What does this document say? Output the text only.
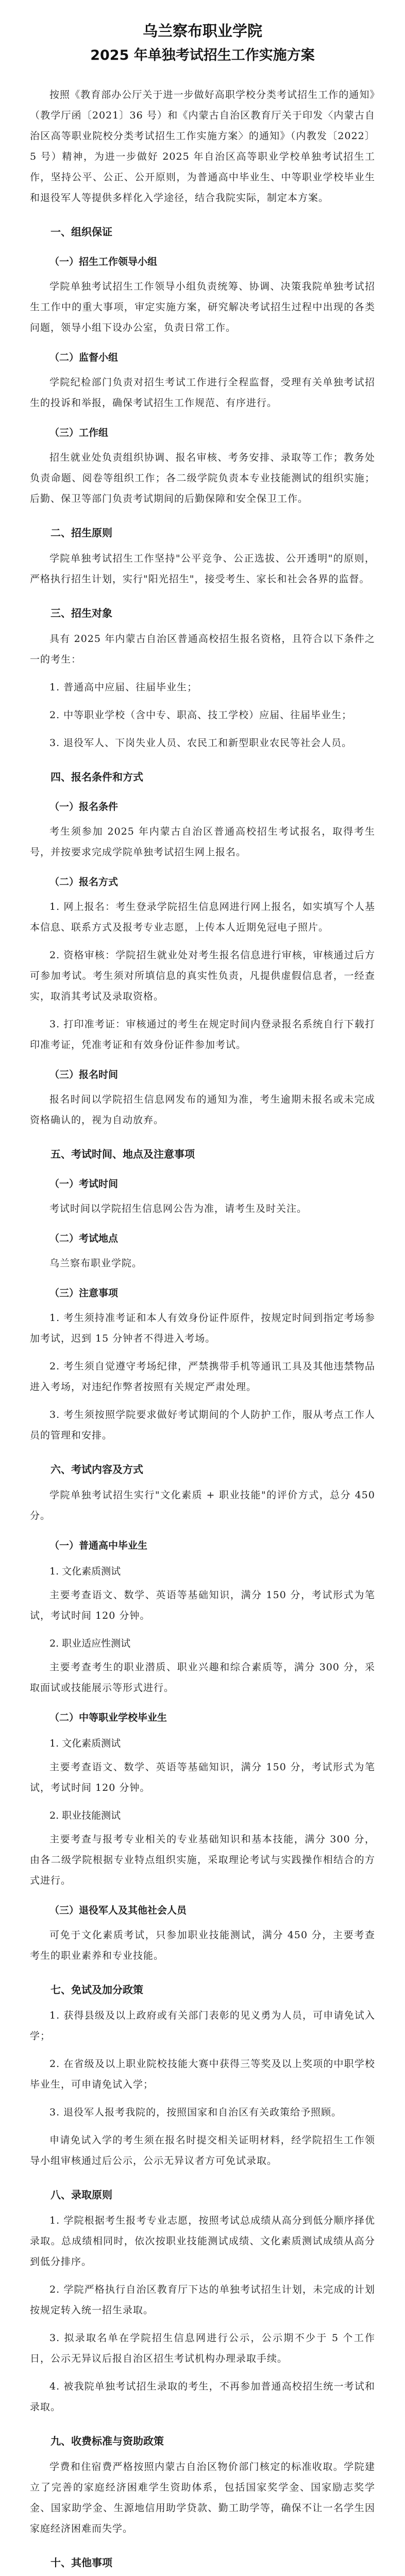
乌兰察布职业学院
2025 年单独考试招生工作实施方案

按照《教育部办公厅关于进一步做好高职学校分类考试招生工作的通知》（教学厅函〔2021〕36 号）和《内蒙古自治区教育厅关于印发〈内蒙古自治区高等职业院校分类考试招生工作实施方案〉的通知》（内教发〔2022〕5 号）精神，为进一步做好 2025 年自治区高等职业学校单独考试招生工作，坚持公平、公正、公开原则，为普通高中毕业生、中等职业学校毕业生和退役军人等提供多样化入学途径，结合我院实际，制定本方案。

一、组织保证
（一）招生工作领导小组

学院单独考试招生工作领导小组负责统筹、协调、决策我院单独考试招生工作中的重大事项，审定实施方案，研究解决考试招生过程中出现的各类问题，领导小组下设办公室，负责日常工作。

（二）监督小组

学院纪检部门负责对招生考试工作进行全程监督，受理有关单独考试招生的投诉和举报，确保考试招生工作规范、有序进行。

（三）工作组

招生就业处负责组织协调、报名审核、考务安排、录取等工作；教务处负责命题、阅卷等组织工作；各二级学院负责本专业技能测试的组织实施；后勤、保卫等部门负责考试期间的后勤保障和安全保卫工作。

二、招生原则

学院单独考试招生工作坚持"公平竞争、公正选拔、公开透明"的原则，严格执行招生计划，实行"阳光招生"，接受考生、家长和社会各界的监督。

三、招生对象

具有 2025 年内蒙古自治区普通高校招生报名资格，且符合以下条件之一的考生：

1. 普通高中应届、往届毕业生；

2. 中等职业学校（含中专、职高、技工学校）应届、往届毕业生；

3. 退役军人、下岗失业人员、农民工和新型职业农民等社会人员。

四、报名条件和方式
（一）报名条件

考生须参加 2025 年内蒙古自治区普通高校招生考试报名，取得考生号，并按要求完成学院单独考试招生网上报名。

（二）报名方式

1. 网上报名：考生登录学院招生信息网进行网上报名，如实填写个人基本信息、联系方式及报考专业志愿，上传本人近期免冠电子照片。

2. 资格审核：学院招生就业处对考生报名信息进行审核，审核通过后方可参加考试。考生须对所填信息的真实性负责，凡提供虚假信息者，一经查实，取消其考试及录取资格。

3. 打印准考证：审核通过的考生在规定时间内登录报名系统自行下载打印准考证，凭准考证和有效身份证件参加考试。

（三）报名时间

报名时间以学院招生信息网发布的通知为准，考生逾期未报名或未完成资格确认的，视为自动放弃。

五、考试时间、地点及注意事项
（一）考试时间

考试时间以学院招生信息网公告为准，请考生及时关注。

（二）考试地点

乌兰察布职业学院。

（三）注意事项

1. 考生须持准考证和本人有效身份证件原件，按规定时间到指定考场参加考试，迟到 15 分钟者不得进入考场。

2. 考生须自觉遵守考场纪律，严禁携带手机等通讯工具及其他违禁物品进入考场，对违纪作弊者按照有关规定严肃处理。

3. 考生须按照学院要求做好考试期间的个人防护工作，服从考点工作人员的管理和安排。

六、考试内容及方式

学院单独考试招生实行"文化素质 + 职业技能"的评价方式，总分 450 分。

（一）普通高中毕业生
1. 文化素质测试

主要考查语文、数学、英语等基础知识，满分 150 分，考试形式为笔试，考试时间 120 分钟。

2. 职业适应性测试

主要考查考生的职业潜质、职业兴趣和综合素质等，满分 300 分，采取面试或技能展示等形式进行。

（二）中等职业学校毕业生
1. 文化素质测试

主要考查语文、数学、英语等基础知识，满分 150 分，考试形式为笔试，考试时间 120 分钟。

2. 职业技能测试

主要考查与报考专业相关的专业基础知识和基本技能，满分 300 分，由各二级学院根据专业特点组织实施，采取理论考试与实践操作相结合的方式进行。

（三）退役军人及其他社会人员

可免于文化素质考试，只参加职业技能测试，满分 450 分，主要考查考生的职业素养和专业技能。

七、免试及加分政策

1. 获得县级及以上政府或有关部门表彰的见义勇为人员，可申请免试入学；

2. 在省级及以上职业院校技能大赛中获得三等奖及以上奖项的中职学校毕业生，可申请免试入学；

3. 退役军人报考我院的，按照国家和自治区有关政策给予照顾。

申请免试入学的考生须在报名时提交相关证明材料，经学院招生工作领导小组审核通过后公示，公示无异议者方可免试录取。

八、录取原则

1. 学院根据考生报考专业志愿，按照考试总成绩从高分到低分顺序择优录取。总成绩相同时，依次按职业技能测试成绩、文化素质测试成绩从高分到低分排序。

2. 学院严格执行自治区教育厅下达的单独考试招生计划，未完成的计划按规定转入统一招生录取。

3. 拟录取名单在学院招生信息网进行公示，公示期不少于 5 个工作日，公示无异议后报自治区招生考试机构办理录取手续。

4. 被我院单独考试招生录取的考生，不再参加普通高校招生统一考试和录取。

九、收费标准与资助政策

学费和住宿费严格按照内蒙古自治区物价部门核定的标准收取。学院建立了完善的家庭经济困难学生资助体系，包括国家奖学金、国家励志奖学金、国家助学金、生源地信用助学贷款、勤工助学等，确保不让一名学生因家庭经济困难而失学。

十、其他事项
